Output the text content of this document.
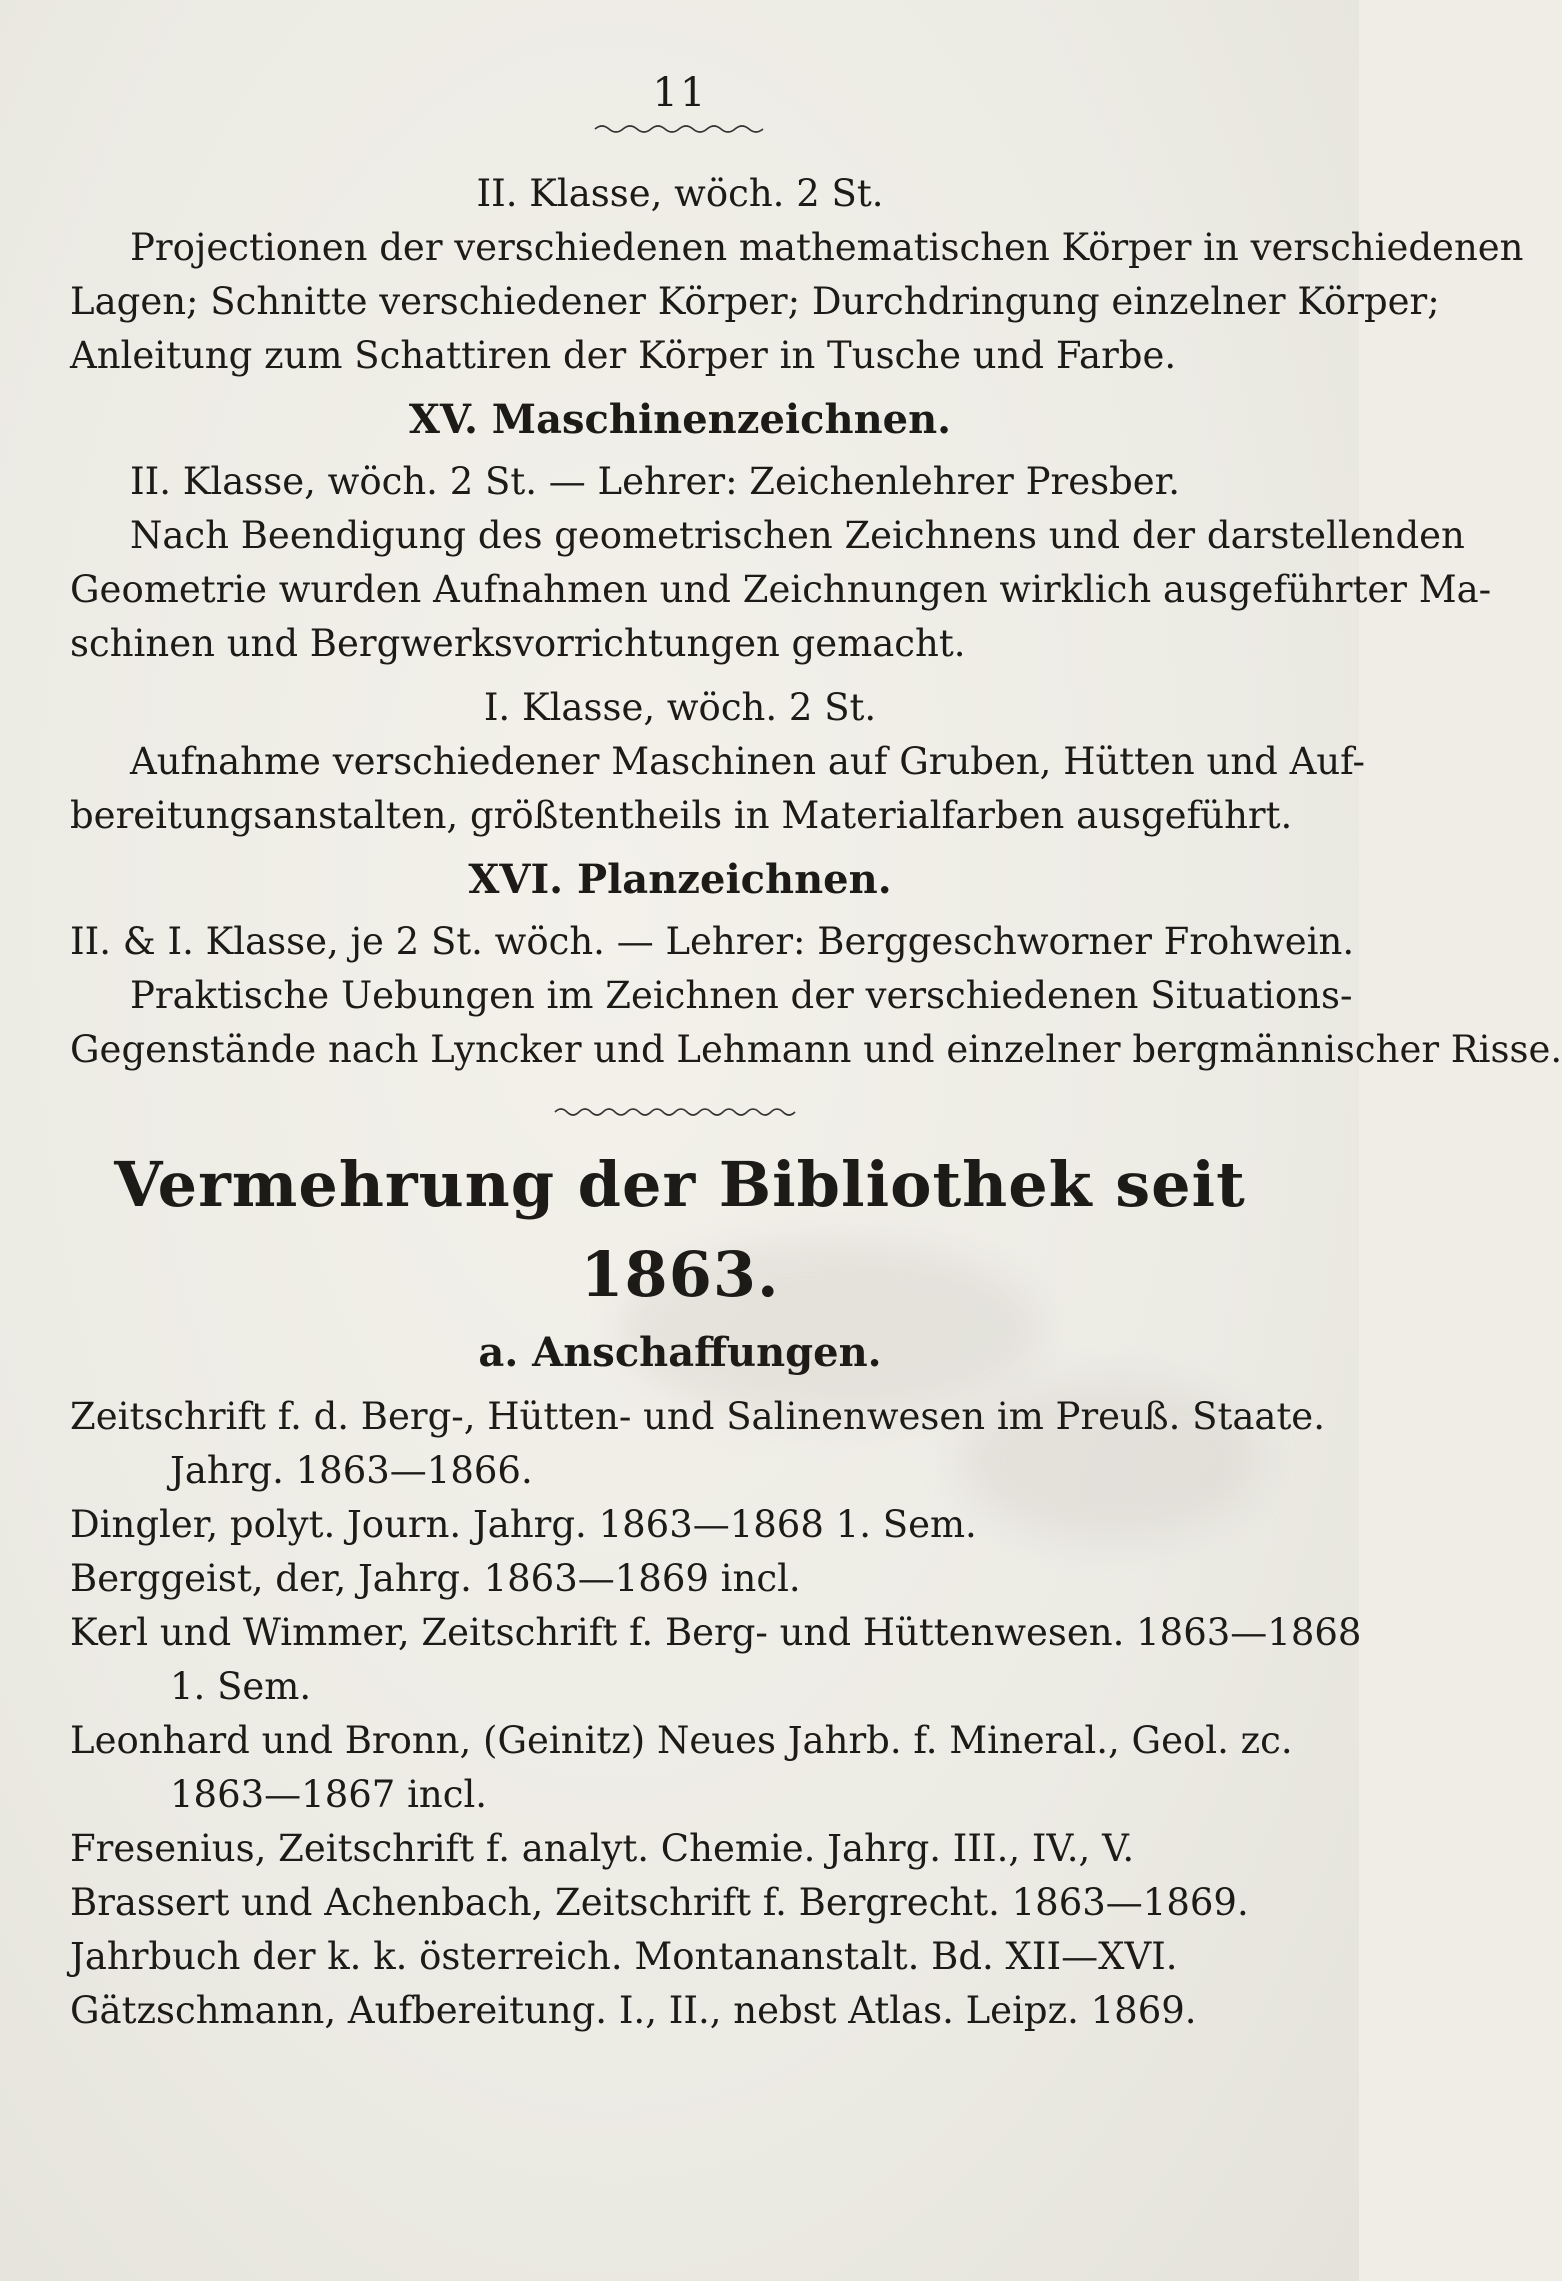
11
II. Klasse, wöch. 2 St.
Projectionen der verschiedenen mathematischen Körper in verschiedenen
Lagen; Schnitte verschiedener Körper; Durchdringung einzelner Körper;
Anleitung zum Schattiren der Körper in Tusche und Farbe.
XV. Maschinenzeichnen.
II. Klasse, wöch. 2 St. — Lehrer: Zeichenlehrer Presber.
Nach Beendigung des geometrischen Zeichnens und der darstellenden
Geometrie wurden Aufnahmen und Zeichnungen wirklich ausgeführter Ma-
schinen und Bergwerksvorrichtungen gemacht.
I. Klasse, wöch. 2 St.
Aufnahme verschiedener Maschinen auf Gruben, Hütten und Auf-
bereitungsanstalten, größtentheils in Materialfarben ausgeführt.
XVI. Planzeichnen.
II. & I. Klasse, je 2 St. wöch. — Lehrer: Berggeschworner Frohwein.
Praktische Uebungen im Zeichnen der verschiedenen Situations-
Gegenstände nach Lyncker und Lehmann und einzelner bergmännischer Risse.
Vermehrung der Bibliothek seit 1863.
a. Anschaffungen.
Zeitschrift f. d. Berg-, Hütten- und Salinenwesen im Preuß. Staate.
Jahrg. 1863—1866.
Dingler, polyt. Journ. Jahrg. 1863—1868 1. Sem.
Berggeist, der, Jahrg. 1863—1869 incl.
Kerl und Wimmer, Zeitschrift f. Berg- und Hüttenwesen. 1863—1868
1. Sem.
Leonhard und Bronn, (Geinitz) Neues Jahrb. f. Mineral., Geol. zc.
1863—1867 incl.
Fresenius, Zeitschrift f. analyt. Chemie. Jahrg. III., IV., V.
Brassert und Achenbach, Zeitschrift f. Bergrecht. 1863—1869.
Jahrbuch der k. k. österreich. Montananstalt. Bd. XII—XVI.
Gätzschmann, Aufbereitung. I., II., nebst Atlas. Leipz. 1869.
